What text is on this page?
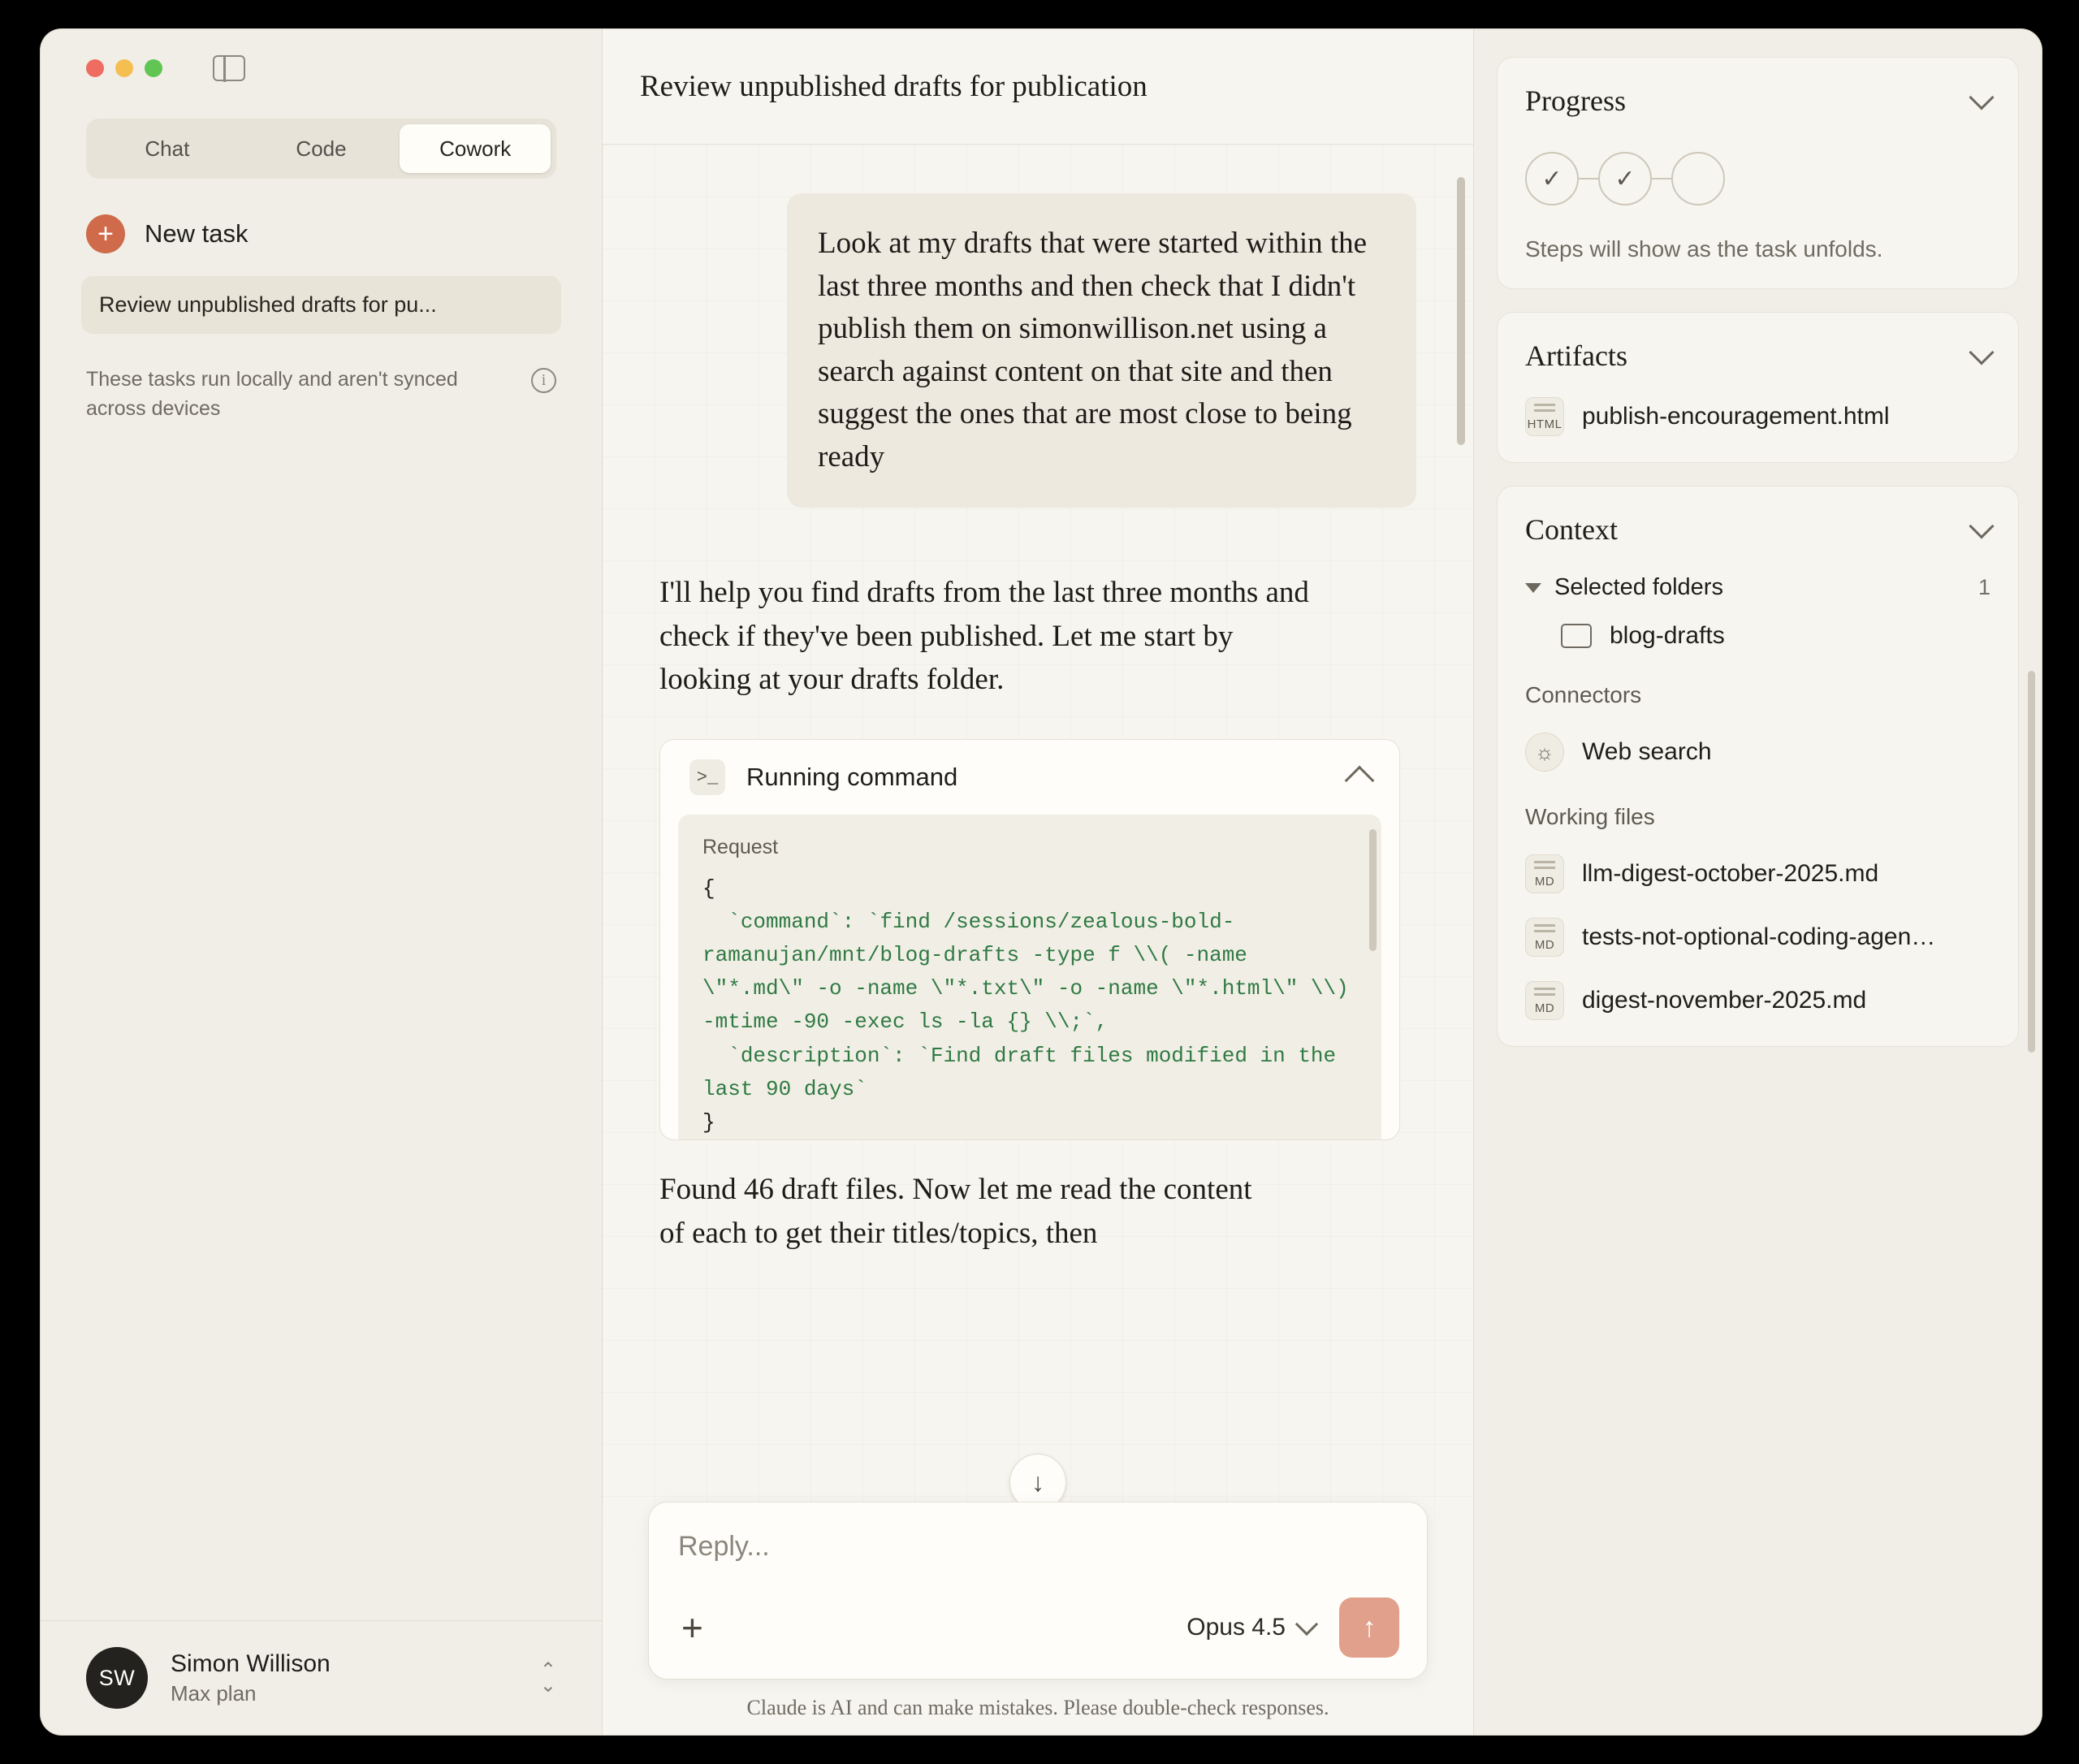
Chat	Code	Cowork
+	New task
Review unpublished drafts for pu...
These tasks run locally and aren't synced across devices
i
SW
Simon Willison
Max plan
⌃
⌄
Review unpublished drafts for publication
Look at my drafts that were started within the last three months and then check that I didn't publish them on simonwillison.net using a search against content on that site and then suggest the ones that are most close to being ready
I'll help you find drafts from the last three months and check if they've been published. Let me start by looking at your drafts folder.
>_ Running command
Request
{
`command`: `find /sessions/zealous-bold-ramanujan/mnt/blog-drafts -type f \\( -name \"*.md\" -o -name \"*.txt\" -o -name \"*.html\" \\) -mtime -90 -exec ls -la {} \\;`,
`description`: `Find draft files modified in the last 90 days`
}
Found 46 draft files. Now let me read the content of each to get their titles/topics, then
↓
Reply...
+	Opus 4.5	↑
Claude is AI and can make mistakes. Please double-check responses.
Progress
✓	✓
Steps will show as the task unfolds.
Artifacts
HTML publish-encouragement.html
Context
Selected folders	1
blog-drafts
Connectors
☼	Web search
Working files
MD	llm-digest-october-2025.md
MD	tests-not-optional-coding-agen…
MD	digest-november-2025.md
